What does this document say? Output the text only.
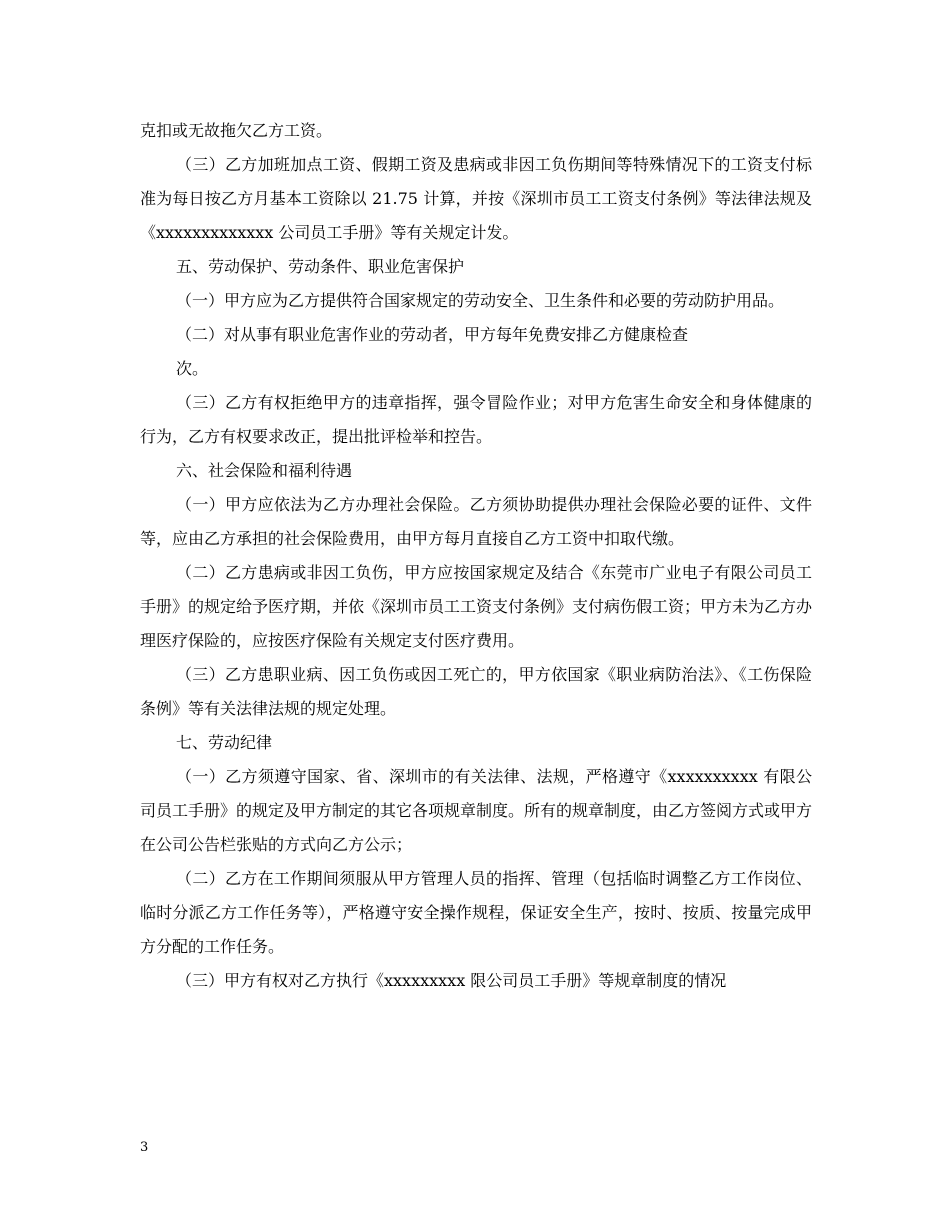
克扣或无故拖欠乙方工资。

（三）乙方加班加点工资、假期工资及患病或非因工负伤期间等特殊情况下的工资支付标准为每日按乙方月基本工资除以 21.75 计算，并按《深圳市员工工资支付条例》等法律法规及《xxxxxxxxxxxxx 公司员工手册》等有关规定计发。

五、劳动保护、劳动条件、职业危害保护

（一）甲方应为乙方提供符合国家规定的劳动安全、卫生条件和必要的劳动防护用品。

（二）对从事有职业危害作业的劳动者，甲方每年免费安排乙方健康检查

次。

（三）乙方有权拒绝甲方的违章指挥，强令冒险作业；对甲方危害生命安全和身体健康的行为，乙方有权要求改正，提出批评检举和控告。

六、社会保险和福利待遇

（一）甲方应依法为乙方办理社会保险。乙方须协助提供办理社会保险必要的证件、文件等，应由乙方承担的社会保险费用，由甲方每月直接自乙方工资中扣取代缴。

（二）乙方患病或非因工负伤，甲方应按国家规定及结合《东莞市广业电子有限公司员工手册》的规定给予医疗期，并依《深圳市员工工资支付条例》支付病伤假工资；甲方未为乙方办理医疗保险的，应按医疗保险有关规定支付医疗费用。

（三）乙方患职业病、因工负伤或因工死亡的，甲方依国家《职业病防治法》、《工伤保险条例》等有关法律法规的规定处理。

七、劳动纪律

（一）乙方须遵守国家、省、深圳市的有关法律、法规，严格遵守《xxxxxxxxxx 有限公司员工手册》的规定及甲方制定的其它各项规章制度。所有的规章制度，由乙方签阅方式或甲方在公司公告栏张贴的方式向乙方公示；

（二）乙方在工作期间须服从甲方管理人员的指挥、管理（包括临时调整乙方工作岗位、临时分派乙方工作任务等），严格遵守安全操作规程，保证安全生产，按时、按质、按量完成甲方分配的工作任务。

（三）甲方有权对乙方执行《xxxxxxxxx 限公司员工手册》等规章制度的情况

3
